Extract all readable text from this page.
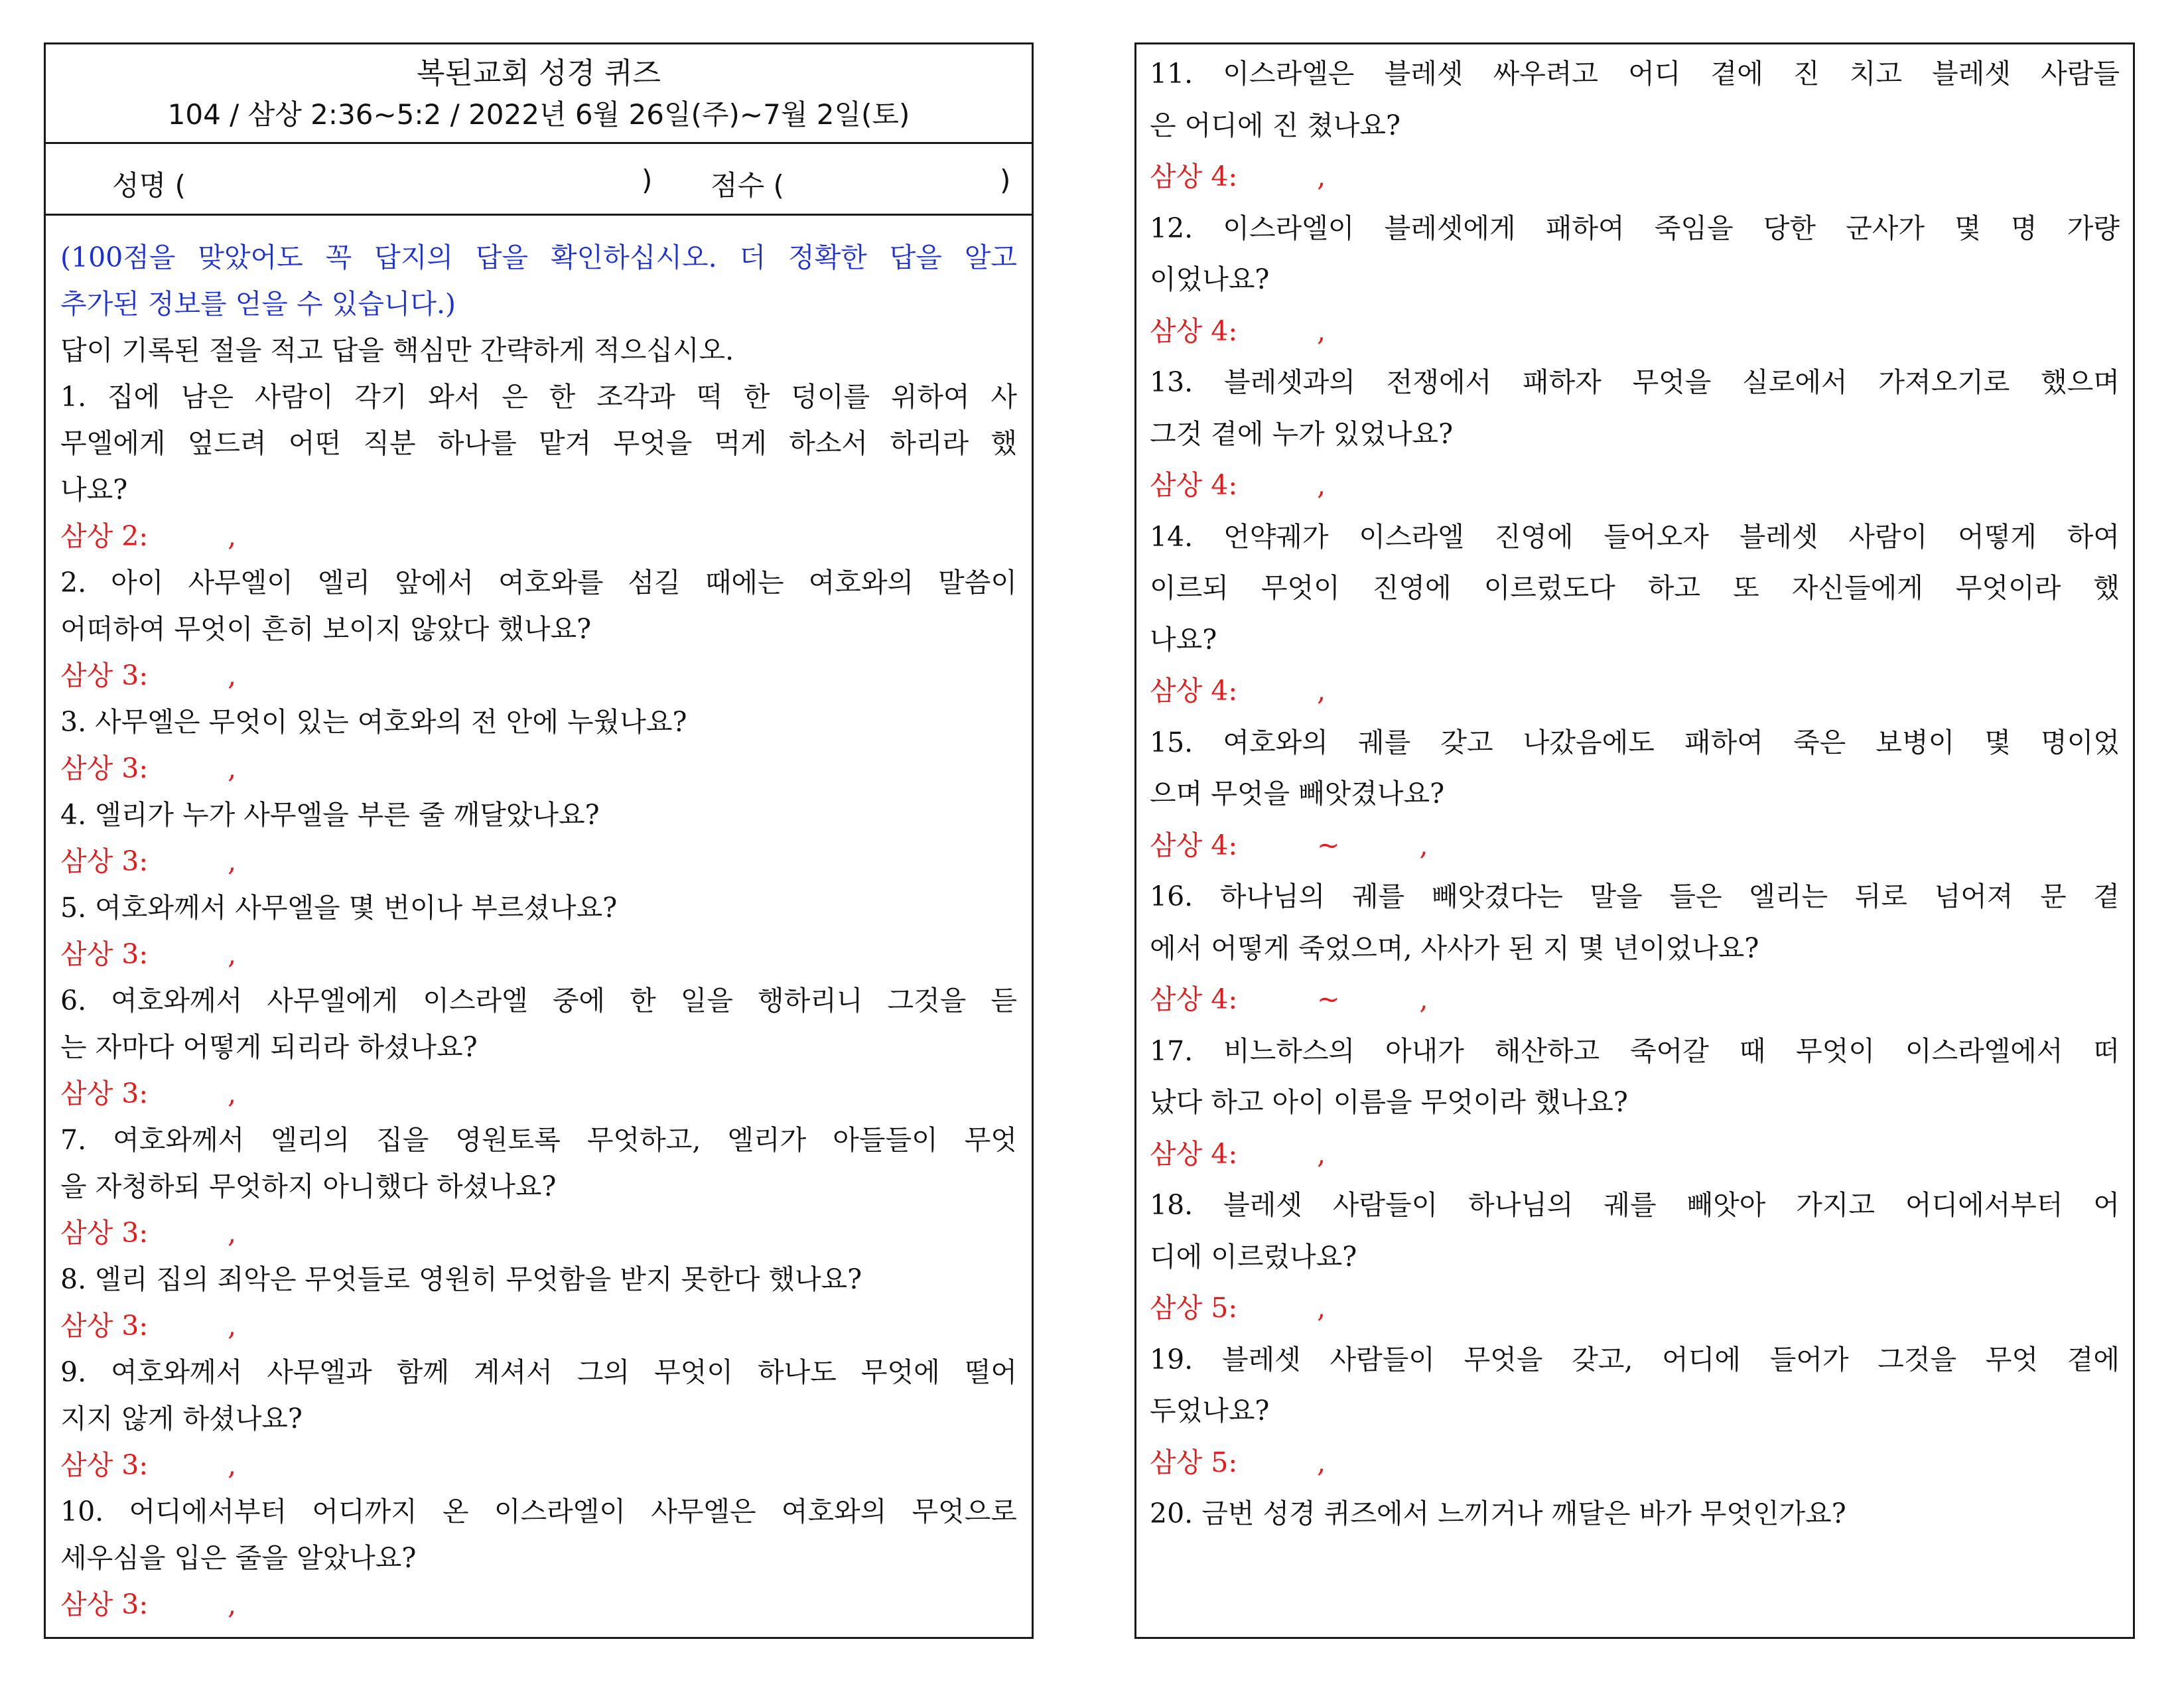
복된교회 성경 퀴즈
104 / 삼상 2:36~5:2 / 2022년 6월 26일(주)~7월 2일(토)
성명 (	) 점수 (	)
(100점을 맞았어도 꼭 답지의 답을 확인하십시오. 더 정확한 답을 알고
추가된 정보를 얻을 수 있습니다.)
답이 기록된 절을 적고 답을 핵심만 간략하게 적으십시오.
1. 집에 남은 사람이 각기 와서 은 한 조각과 떡 한 덩이를 위하여 사
무엘에게 엎드려 어떤 직분 하나를 맡겨 무엇을 먹게 하소서 하리라 했
나요?
삼상 2:	,
2. 아이 사무엘이 엘리 앞에서 여호와를 섬길 때에는 여호와의 말씀이
어떠하여 무엇이 흔히 보이지 않았다 했나요?
삼상 3:	,
3. 사무엘은 무엇이 있는 여호와의 전 안에 누웠나요?
삼상 3:	,
4. 엘리가 누가 사무엘을 부른 줄 깨달았나요?
삼상 3:	,
5. 여호와께서 사무엘을 몇 번이나 부르셨나요?
삼상 3:	,
6. 여호와께서 사무엘에게 이스라엘 중에 한 일을 행하리니 그것을 듣
는 자마다 어떻게 되리라 하셨나요?
삼상 3:	,
7. 여호와께서 엘리의 집을 영원토록 무엇하고, 엘리가 아들들이 무엇
을 자청하되 무엇하지 아니했다 하셨나요?
삼상 3:	,
8. 엘리 집의 죄악은 무엇들로 영원히 무엇함을 받지 못한다 했나요?
삼상 3:	,
9. 여호와께서 사무엘과 함께 계셔서 그의 무엇이 하나도 무엇에 떨어
지지 않게 하셨나요?
삼상 3:	,
10. 어디에서부터 어디까지 온 이스라엘이 사무엘은 여호와의 무엇으로
세우심을 입은 줄을 알았나요?
삼상 3:	,
11. 이스라엘은 블레셋 싸우려고 어디 곁에 진 치고 블레셋 사람들
은 어디에 진 쳤나요?
삼상 4:	,
12. 이스라엘이 블레셋에게 패하여 죽임을 당한 군사가 몇 명 가량
이었나요?
삼상 4:	,
13. 블레셋과의 전쟁에서 패하자 무엇을 실로에서 가져오기로 했으며
그것 곁에 누가 있었나요?
삼상 4:	,
14. 언약궤가 이스라엘 진영에 들어오자 블레셋 사람이 어떻게 하여
이르되 무엇이 진영에 이르렀도다 하고 또 자신들에게 무엇이라 했
나요?
삼상 4:	,
15. 여호와의 궤를 갖고 나갔음에도 패하여 죽은 보병이 몇 명이었
으며 무엇을 빼앗겼나요?
삼상 4:	~	,
16. 하나님의 궤를 빼앗겼다는 말을 들은 엘리는 뒤로 넘어져 문 곁
에서 어떻게 죽었으며, 사사가 된 지 몇 년이었나요?
삼상 4:	~	,
17. 비느하스의 아내가 해산하고 죽어갈 때 무엇이 이스라엘에서 떠
났다 하고 아이 이름을 무엇이라 했나요?
삼상 4:	,
18. 블레셋 사람들이 하나님의 궤를 빼앗아 가지고 어디에서부터 어
디에 이르렀나요?
삼상 5:	,
19. 블레셋 사람들이 무엇을 갖고, 어디에 들어가 그것을 무엇 곁에
두었나요?
삼상 5:	,
20. 금번 성경 퀴즈에서 느끼거나 깨달은 바가 무엇인가요?
